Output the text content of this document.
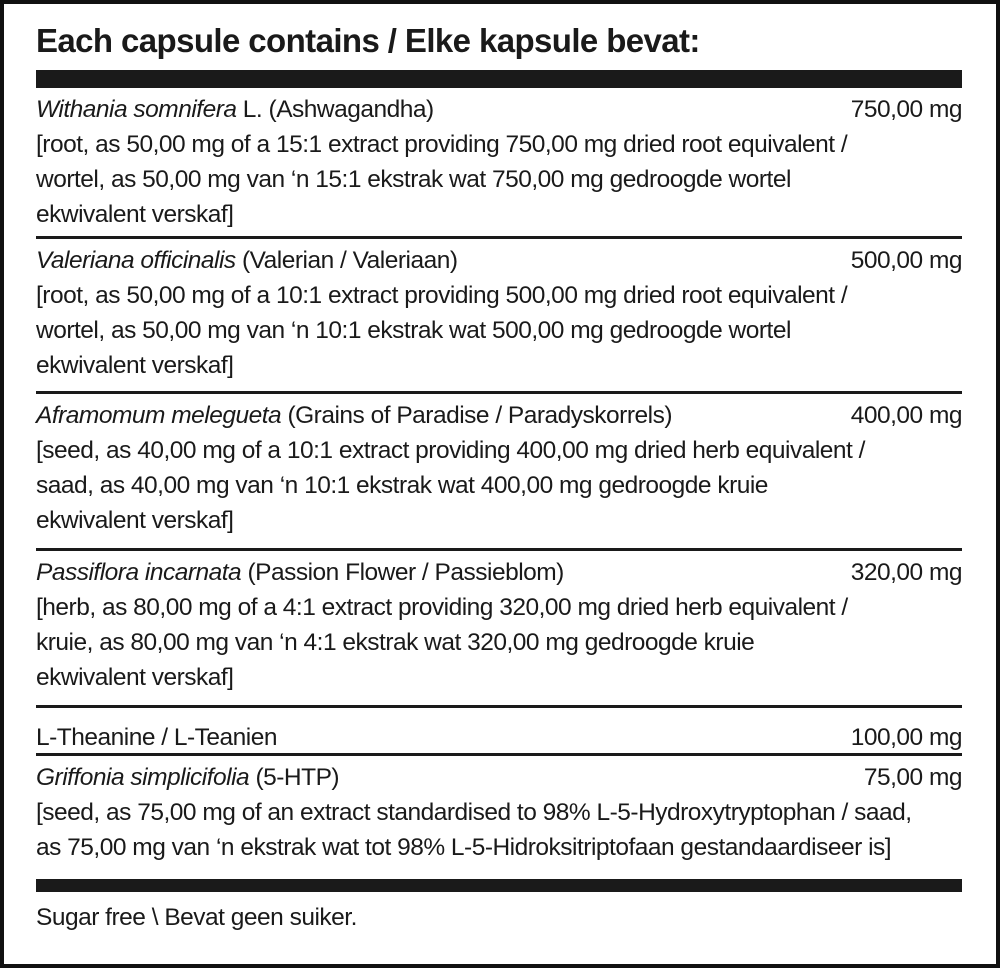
Each capsule contains / Elke kapsule bevat:
Withania somnifera L. (Ashwagandha)	750,00 mg
[root, as 50,00 mg of a 15:1 extract providing 750,00 mg dried root equivalent /
wortel, as 50,00 mg van ‘n 15:1 ekstrak wat 750,00 mg gedroogde wortel
ekwivalent verskaf]
Valeriana officinalis (Valerian / Valeriaan)	500,00 mg
[root, as 50,00 mg of a 10:1 extract providing 500,00 mg dried root equivalent /
wortel, as 50,00 mg van ‘n 10:1 ekstrak wat 500,00 mg gedroogde wortel
ekwivalent verskaf]
Aframomum melegueta (Grains of Paradise / Paradyskorrels)	400,00 mg
[seed, as 40,00 mg of a 10:1 extract providing 400,00 mg dried herb equivalent /
saad, as 40,00 mg van ‘n 10:1 ekstrak wat 400,00 mg gedroogde kruie
ekwivalent verskaf]
Passiflora incarnata (Passion Flower / Passieblom)	320,00 mg
[herb, as 80,00 mg of a 4:1 extract providing 320,00 mg dried herb equivalent /
kruie, as 80,00 mg van ‘n 4:1 ekstrak wat 320,00 mg gedroogde kruie
ekwivalent verskaf]
L-Theanine / L-Teanien	100,00 mg
Griffonia simplicifolia (5-HTP)	75,00 mg
[seed, as 75,00 mg of an extract standardised to 98% L-5-Hydroxytryptophan / saad,
as 75,00 mg van ‘n ekstrak wat tot 98% L-5-Hidroksitriptofaan gestandaardiseer is]
Sugar free \ Bevat geen suiker.
